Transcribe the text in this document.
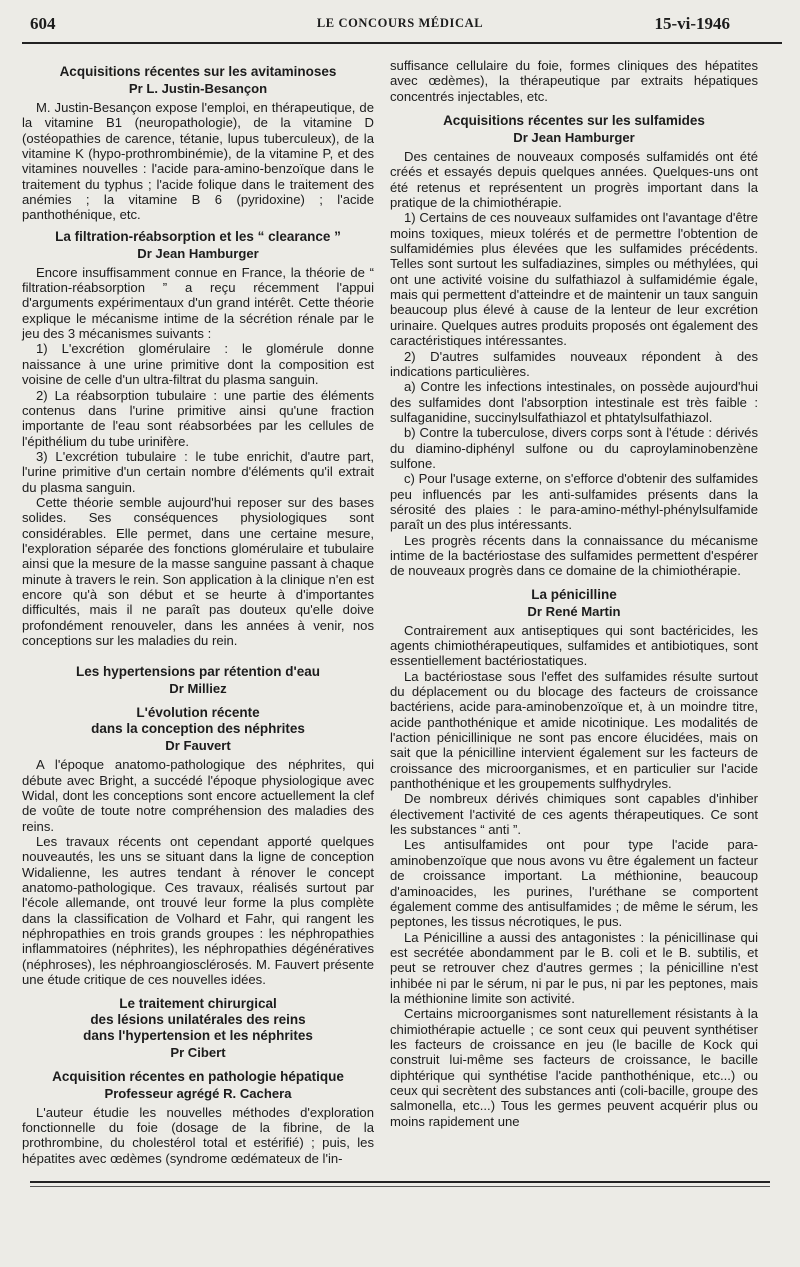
604	LE CONCOURS MÉDICAL	15-vi-1946
Acquisitions récentes sur les avitaminoses
Pr L. Justin-Besançon

M. Justin-Besançon expose l'emploi, en thérapeutique, de la vitamine B1 (neuropathologie), de la vitamine D (ostéopathies de carence, tétanie, lupus tuberculeux), de la vitamine K (hypo-prothrombinémie), de la vitamine P, et des vitamines nouvelles : l'acide para-amino-benzoïque dans le traitement du typhus ; l'acide folique dans le traitement des anémies ; la vitamine B 6 (pyridoxine) ; l'acide panthothénique, etc.

La filtration-réabsorption et les “ clearance ”
Dr Jean Hamburger

Encore insuffisamment connue en France, la théorie de “ filtration-réabsorption ” a reçu récemment l'appui d'arguments expérimentaux d'un grand intérêt. Cette théorie explique le mécanisme intime de la sécrétion rénale par le jeu des 3 mécanismes suivants :

1) L'excrétion glomérulaire : le glomérule donne naissance à une urine primitive dont la composition est voisine de celle d'un ultra-filtrat du plasma sanguin.

2) La réabsorption tubulaire : une partie des éléments contenus dans l'urine primitive ainsi qu'une fraction importante de l'eau sont réabsorbées par les cellules de l'épithélium du tube urinifère.

3) L'excrétion tubulaire : le tube enrichit, d'autre part, l'urine primitive d'un certain nombre d'éléments qu'il extrait du plasma sanguin.

Cette théorie semble aujourd'hui reposer sur des bases solides. Ses conséquences physiologiques sont considérables. Elle permet, dans une certaine mesure, l'exploration séparée des fonctions glomérulaire et tubulaire ainsi que la mesure de la masse sanguine passant à chaque minute à travers le rein. Son application à la clinique n'en est encore qu'à son début et se heurte à d'importantes difficultés, mais il ne paraît pas douteux qu'elle doive profondément renouveler, dans les années à venir, nos conceptions sur les maladies du rein.

Les hypertensions par rétention d'eau
Dr Milliez
L'évolution récente
dans la conception des néphrites
Dr Fauvert

A l'époque anatomo-pathologique des néphrites, qui débute avec Bright, a succédé l'époque physiologique avec Widal, dont les conceptions sont encore actuellement la clef de voûte de toute notre compréhension des maladies des reins.

Les travaux récents ont cependant apporté quelques nouveautés, les uns se situant dans la ligne de conception Widalienne, les autres tendant à rénover le concept anatomo-pathologique. Ces travaux, réalisés surtout par l'école allemande, ont trouvé leur forme la plus complète dans la classification de Volhard et Fahr, qui rangent les néphropathies en trois grands groupes : les néphropathies inflammatoires (néphrites), les néphropathies dégénératives (néphroses), les néphroangiosclérosés. M. Fauvert présente une étude critique de ces nouvelles idées.

Le traitement chirurgical
des lésions unilatérales des reins
dans l'hypertension et les néphrites
Pr Cibert
Acquisition récentes en pathologie hépatique
Professeur agrégé R. Cachera

L'auteur étudie les nouvelles méthodes d'exploration fonctionnelle du foie (dosage de la fibrine, de la prothrombine, du cholestérol total et estérifié) ; puis, les hépatites avec œdèmes (syndrome œdémateux de l'in-

suffisance cellulaire du foie, formes cliniques des hépatites avec œdèmes), la thérapeutique par extraits hépatiques concentrés injectables, etc.

Acquisitions récentes sur les sulfamides
Dr Jean Hamburger

Des centaines de nouveaux composés sulfamidés ont été créés et essayés depuis quelques années. Quelques-uns ont été retenus et représentent un progrès important dans la pratique de la chimiothérapie.

1) Certains de ces nouveaux sulfamides ont l'avantage d'être moins toxiques, mieux tolérés et de permettre l'obtention de sulfamidémies plus élevées que les sulfamides précédents. Telles sont surtout les sulfadiazines, simples ou méthylées, qui ont une activité voisine du sulfathiazol à sulfamidémie égale, mais qui permettent d'atteindre et de maintenir un taux sanguin beaucoup plus élevé à cause de la lenteur de leur excrétion urinaire. Quelques autres produits proposés ont également des caractéristiques intéressantes.

2) D'autres sulfamides nouveaux répondent à des indications particulières.

a) Contre les infections intestinales, on possède aujourd'hui des sulfamides dont l'absorption intestinale est très faible : sulfaganidine, succinylsulfathiazol et phtatylsulfathiazol.

b) Contre la tuberculose, divers corps sont à l'étude : dérivés du diamino-diphényl sulfone ou du caproylaminobenzène sulfone.

c) Pour l'usage externe, on s'efforce d'obtenir des sulfamides peu influencés par les anti-sulfamides présents dans la sérosité des plaies : le para-amino-méthyl-phénylsulfamide paraît un des plus intéressants.

Les progrès récents dans la connaissance du mécanisme intime de la bactériostase des sulfamides permettent d'espérer de nouveaux progrès dans ce domaine de la chimiothérapie.

La pénicilline
Dr René Martin

Contrairement aux antiseptiques qui sont bactéricides, les agents chimiothérapeutiques, sulfamides et antibiotiques, sont essentiellement bactériostatiques.

La bactériostase sous l'effet des sulfamides résulte surtout du déplacement ou du blocage des facteurs de croissance bactériens, acide para-aminobenzoïque et, à un moindre titre, acide panthothénique et amide nicotinique. Les modalités de l'action pénicillinique ne sont pas encore élucidées, mais on sait que la pénicilline intervient également sur les facteurs de croissance des microorganismes, et en particulier sur l'acide panthothénique et les groupements sulfhydryles.

De nombreux dérivés chimiques sont capables d'inhiber électivement l'activité de ces agents thérapeutiques. Ce sont les substances “ anti ”.

Les antisulfamides ont pour type l'acide para-aminobenzoïque que nous avons vu être également un facteur de croissance important. La méthionine, beaucoup d'aminoacides, les purines, l'uréthane se comportent également comme des antisulfamides ; de même le sérum, les peptones, les tissus nécrotiques, le pus.

La Pénicilline a aussi des antagonistes : la pénicillinase qui est secrétée abondamment par le B. coli et le B. subtilis, et peut se retrouver chez d'autres germes ; la pénicilline n'est inhibée ni par le sérum, ni par le pus, ni par les peptones, mais la méthionine limite son activité.

Certains microorganismes sont naturellement résistants à la chimiothérapie actuelle ; ce sont ceux qui peuvent synthétiser les facteurs de croissance en jeu (le bacille de Kock qui construit lui-même ses facteurs de croissance, le bacille diphtérique qui synthétise l'acide panthothénique, etc...) ou ceux qui secrètent des substances anti (coli-bacille, groupe des salmonella, etc...) Tous les germes peuvent acquérir plus ou moins rapidement une
